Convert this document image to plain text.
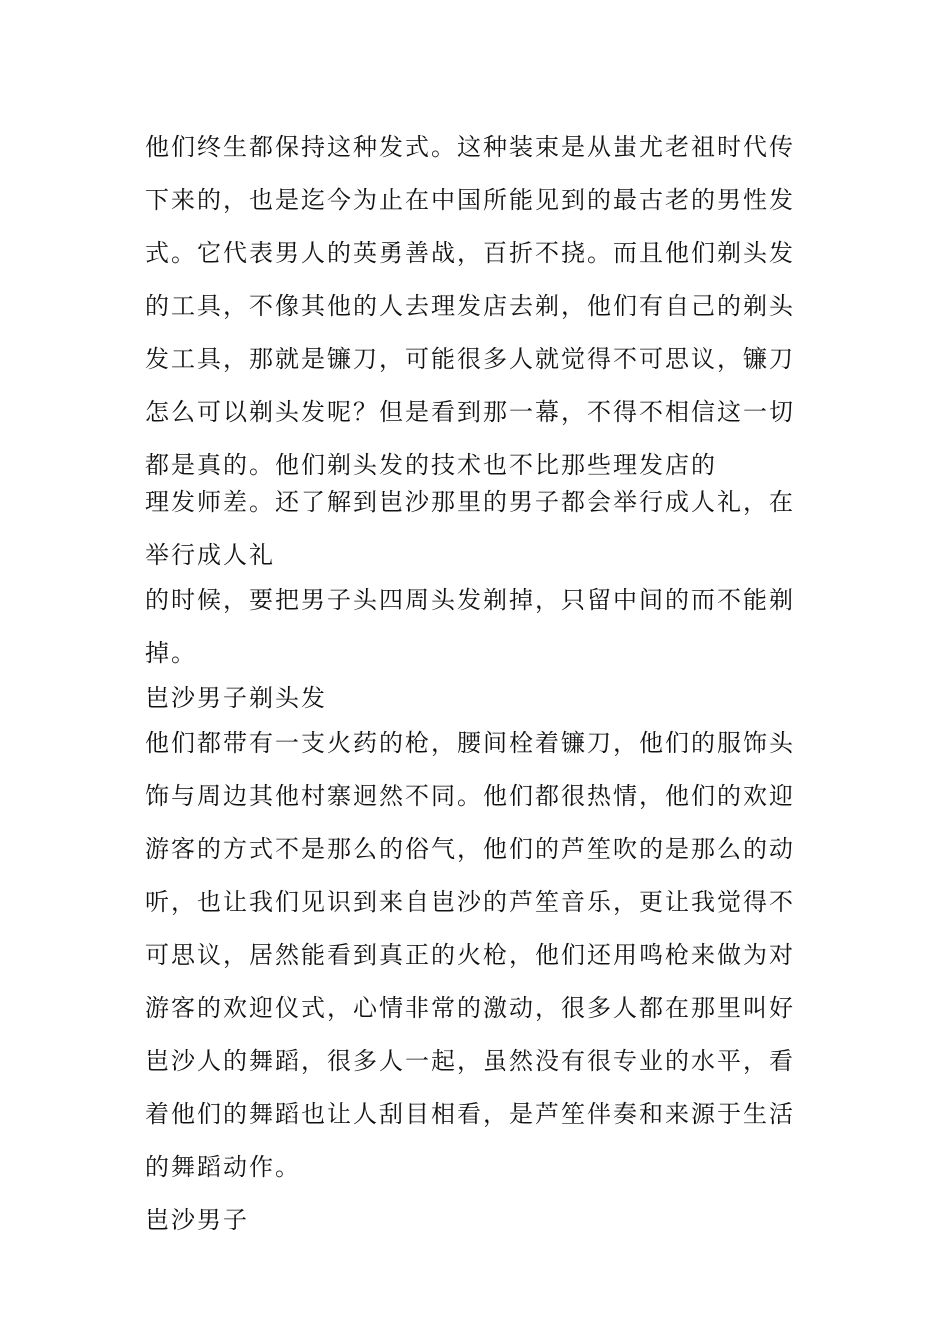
他们终生都保持这种发式。这种装束是从蚩尤老祖时代传
下来的，也是迄今为止在中国所能见到的最古老的男性发
式。它代表男人的英勇善战，百折不挠。而且他们剃头发
的工具，不像其他的人去理发店去剃，他们有自己的剃头
发工具，那就是镰刀，可能很多人就觉得不可思议，镰刀
怎么可以剃头发呢？但是看到那一幕，不得不相信这一切
都是真的。他们剃头发的技术也不比那些理发店的
理发师差。还了解到岜沙那里的男子都会举行成人礼，在
举行成人礼
的时候，要把男子头四周头发剃掉，只留中间的而不能剃
掉。
岜沙男子剃头发
他们都带有一支火药的枪，腰间栓着镰刀，他们的服饰头
饰与周边其他村寨迥然不同。他们都很热情，他们的欢迎
游客的方式不是那么的俗气，他们的芦笙吹的是那么的动
听，也让我们见识到来自岜沙的芦笙音乐，更让我觉得不
可思议，居然能看到真正的火枪，他们还用鸣枪来做为对
游客的欢迎仪式，心情非常的激动，很多人都在那里叫好
岜沙人的舞蹈，很多人一起，虽然没有很专业的水平，看
着他们的舞蹈也让人刮目相看，是芦笙伴奏和来源于生活
的舞蹈动作。
岜沙男子
